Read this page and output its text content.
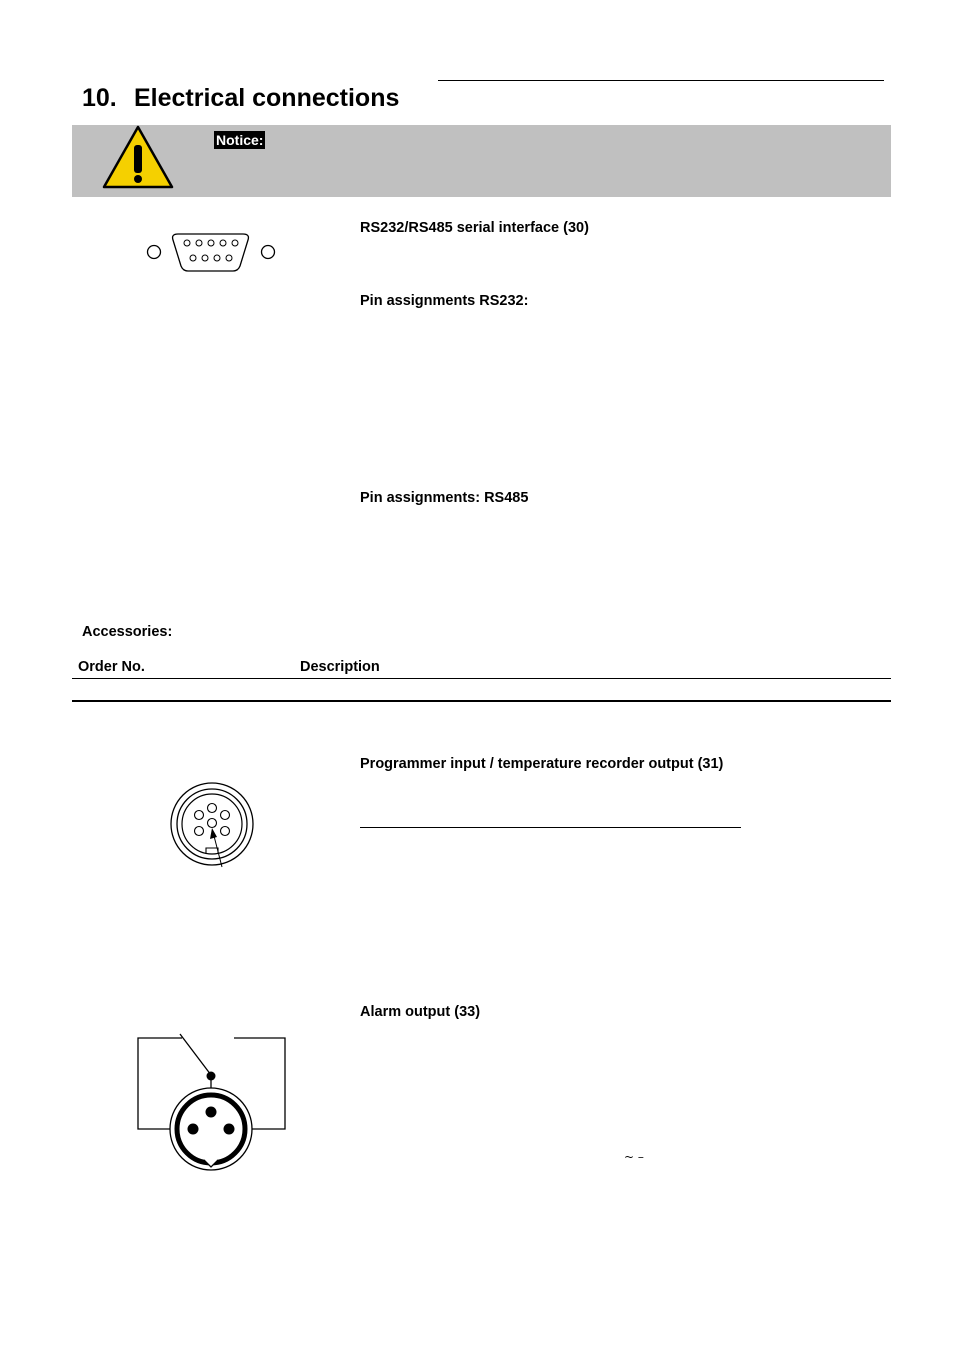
10. Electrical connections
Notice:
RS232/RS485 serial interface (30)
Pin assignments RS232:
Pin assignments: RS485
Accessories:
Order No.	Description
Programmer input / temperature recorder output (31)
Alarm output (33)
~ –
